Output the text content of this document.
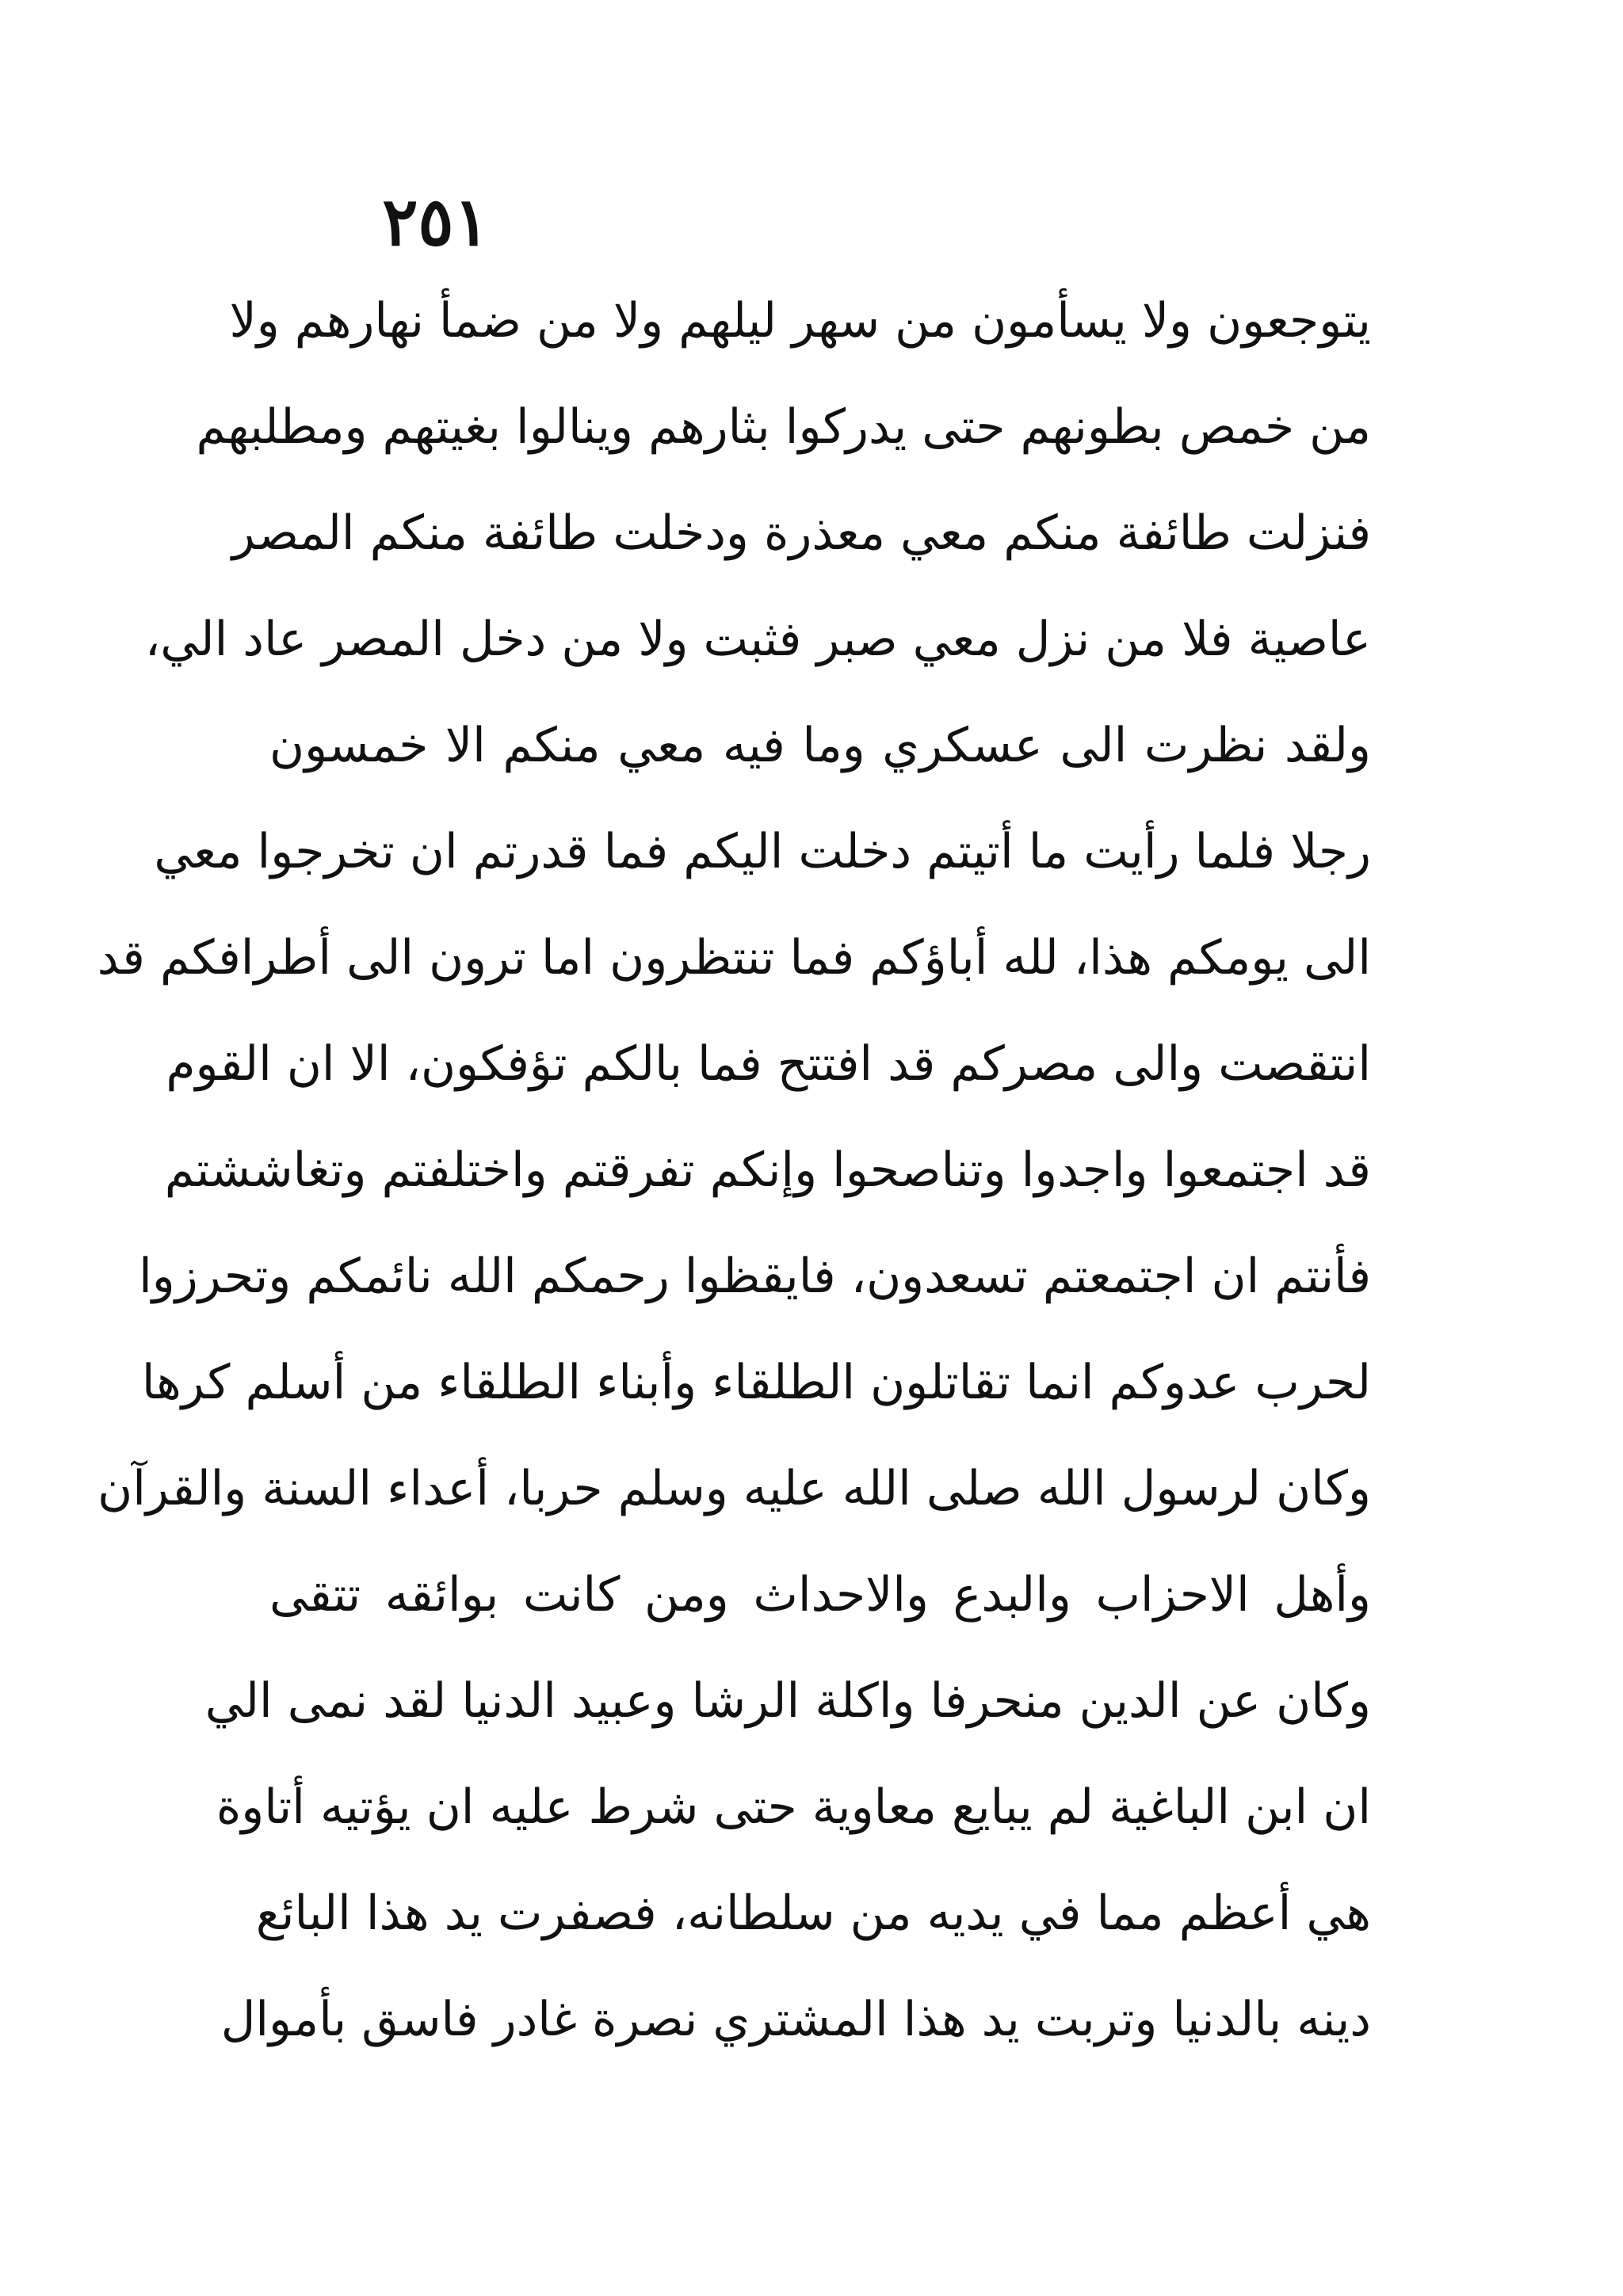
٢٥١
يتوجعون ولا يسأمون من سهر ليلهم ولا من ضمأ نهارهم ولا
من خمص بطونهم حتى يدركوا بثارهم وينالوا بغيتهم ومطلبهم
فنزلت طائفة منكم معي معذرة ودخلت طائفة منكم المصر
عاصية فلا من نزل معي صبر فثبت ولا من دخل المصر عاد الي،
ولقد نظرت الى عسكري وما فيه معي منكم الا خمسون
رجلا فلما رأيت ما أتيتم دخلت اليكم فما قدرتم ان تخرجوا معي
الى يومكم هذا، لله أباؤكم فما تنتظرون اما ترون الى أطرافكم قد
انتقصت والى مصركم قد افتتح فما بالكم تؤفكون، الا ان القوم
قد اجتمعوا واجدوا وتناصحوا وإنكم تفرقتم واختلفتم وتغاششتم
فأنتم ان اجتمعتم تسعدون، فايقظوا رحمكم الله نائمكم وتحرزوا
لحرب عدوكم انما تقاتلون الطلقاء وأبناء الطلقاء من أسلم كرها
وكان لرسول الله صلى الله عليه وسلم حربا، أعداء السنة والقرآن
وأهل الاحزاب والبدع والاحداث ومن كانت بوائقه تتقى
وكان عن الدين منحرفا واكلة الرشا وعبيد الدنيا لقد نمى الي
ان ابن الباغية لم يبايع معاوية حتى شرط عليه ان يؤتيه أتاوة
هي أعظم مما في يديه من سلطانه، فصفرت يد هذا البائع
دينه بالدنيا وتربت يد هذا المشتري نصرة غادر فاسق بأموال
